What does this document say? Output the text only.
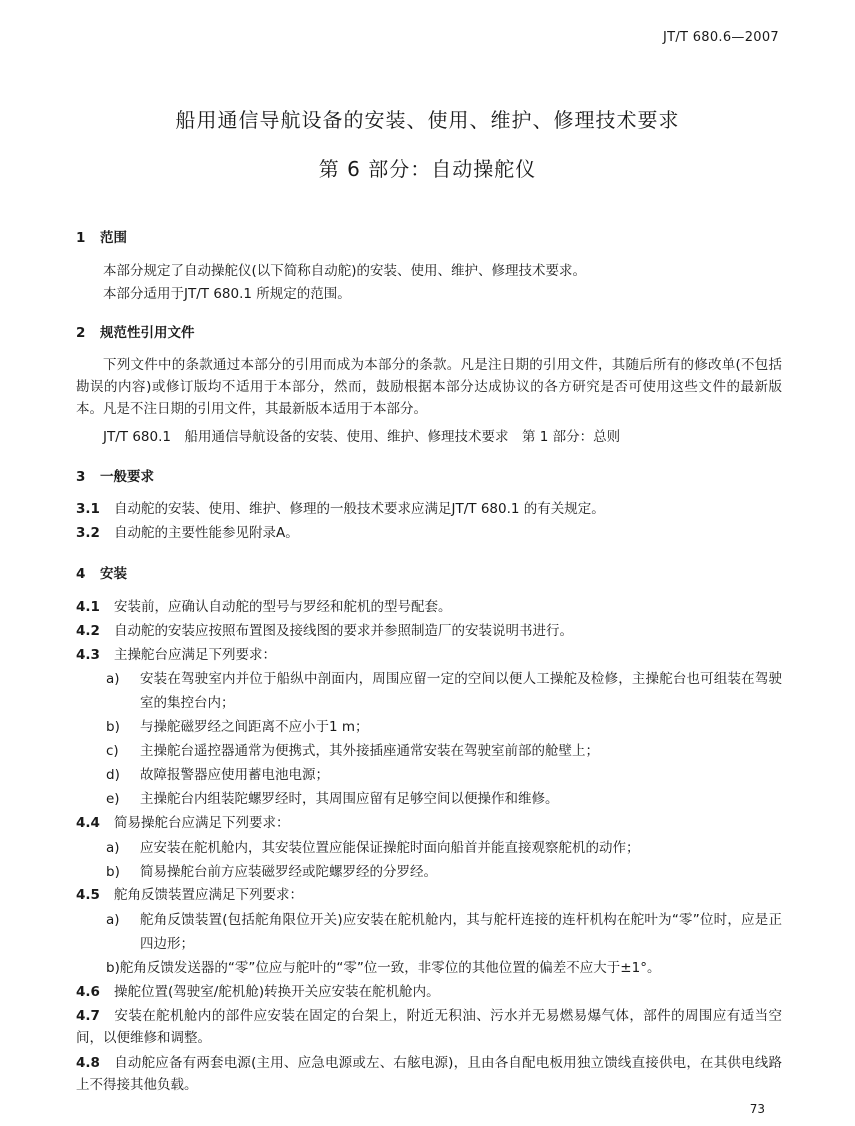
JT/T 680.6—2007
船用通信导航设备的安装、使用、维护、修理技术要求
第 6 部分：自动操舵仪
1 范围

本部分规定了自动操舵仪(以下简称自动舵)的安装、使用、维护、修理技术要求。

本部分适用于JT/T 680.1 所规定的范围。

2 规范性引用文件

下列文件中的条款通过本部分的引用而成为本部分的条款。凡是注日期的引用文件，其随后所有的修改单(不包括勘误的内容)或修订版均不适用于本部分，然而，鼓励根据本部分达成协议的各方研究是否可使用这些文件的最新版本。凡是不注日期的引用文件，其最新版本适用于本部分。

JT/T 680.1　船用通信导航设备的安装、使用、维护、修理技术要求　第 1 部分：总则

3 一般要求
3.1 自动舵的安装、使用、维护、修理的一般技术要求应满足JT/T 680.1 的有关规定。
3.2 自动舵的主要性能参见附录A。
4 安装
4.1 安装前，应确认自动舵的型号与罗经和舵机的型号配套。
4.2 自动舵的安装应按照布置图及接线图的要求并参照制造厂的安装说明书进行。
4.3 主操舵台应满足下列要求：
a) 安装在驾驶室内并位于船纵中剖面内，周围应留一定的空间以便人工操舵及检修，主操舵台也可组装在驾驶室的集控台内；
b) 与操舵磁罗经之间距离不应小于1 m；
c) 主操舵台遥控器通常为便携式，其外接插座通常安装在驾驶室前部的舱壁上；
d) 故障报警器应使用蓄电池电源；
e) 主操舵台内组装陀螺罗经时，其周围应留有足够空间以便操作和维修。
4.4 简易操舵台应满足下列要求：
a) 应安装在舵机舱内，其安装位置应能保证操舵时面向船首并能直接观察舵机的动作；
b) 简易操舵台前方应装磁罗经或陀螺罗经的分罗经。
4.5 舵角反馈装置应满足下列要求：
a) 舵角反馈装置(包括舵角限位开关)应安装在舵机舱内，其与舵杆连接的连杆机构在舵叶为“零”位时，应是正四边形；
b)舵角反馈发送器的“零”位应与舵叶的“零”位一致，非零位的其他位置的偏差不应大于±1°。
4.6 操舵位置(驾驶室/舵机舱)转换开关应安装在舵机舱内。
4.7 安装在舵机舱内的部件应安装在固定的台架上，附近无积油、污水并无易燃易爆气体，部件的周围应有适当空间，以便维修和调整。
4.8 自动舵应备有两套电源(主用、应急电源或左、右舷电源)，且由各自配电板用独立馈线直接供电，在其供电线路上不得接其他负载。
73
